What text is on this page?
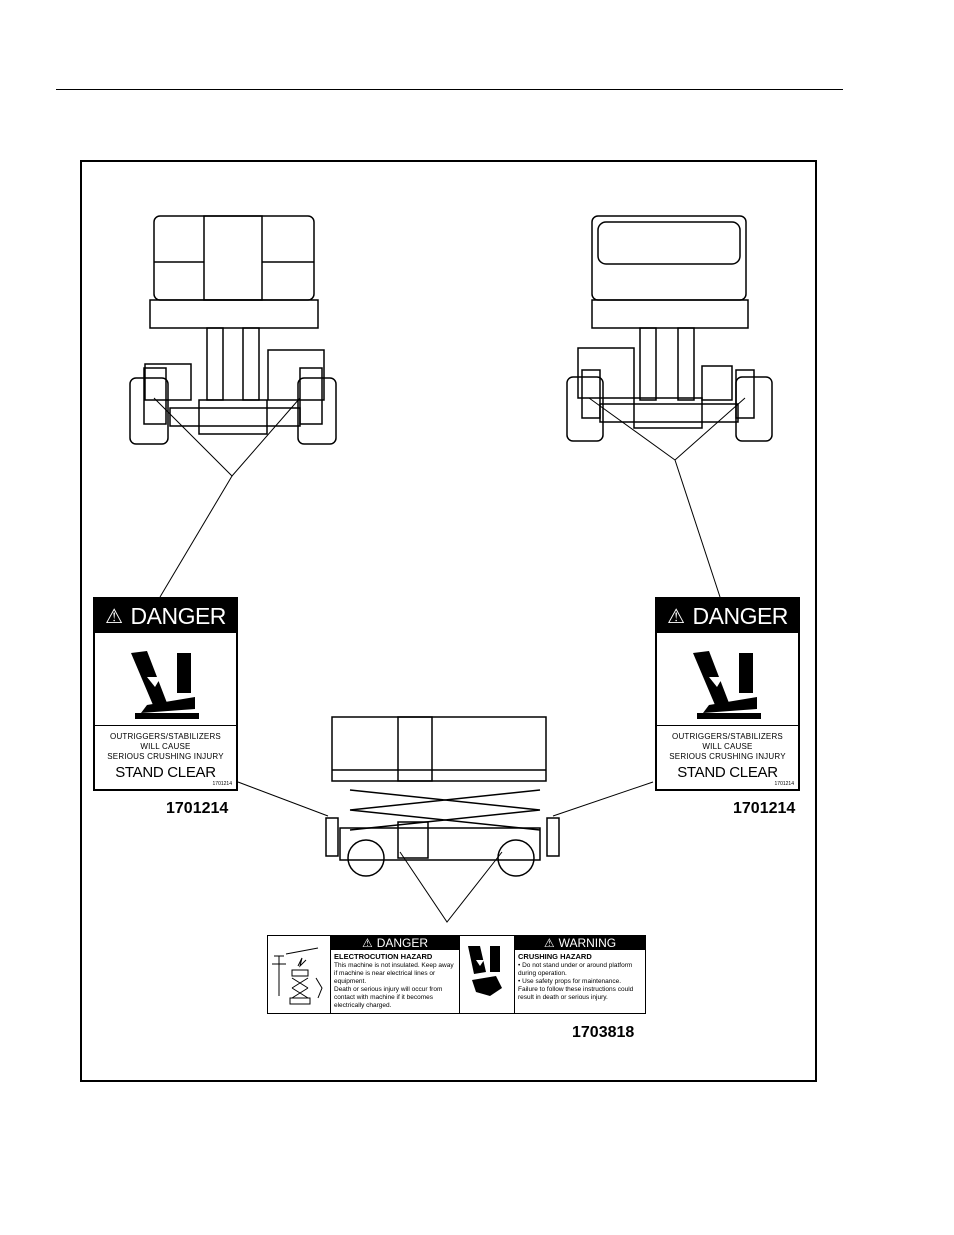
⚠ DANGER
OUTRIGGERS/STABILIZERS
WILL CAUSE
SERIOUS CRUSHING INJURY
STAND CLEAR
1701214
1701214
⚠ DANGER
OUTRIGGERS/STABILIZERS
WILL CAUSE
SERIOUS CRUSHING INJURY
STAND CLEAR
1701214
1701214
⚠ DANGER
ELECTROCUTION HAZARD
This machine is not insulated. Keep away if machine is near electrical lines or equipment.
Death or serious injury will occur from contact with machine if it becomes electrically charged.
⚠ WARNING
CRUSHING HAZARD
• Do not stand under or around platform during operation.
• Use safety props for maintenance.
Failure to follow these instructions could result in death or serious injury.
1703818
